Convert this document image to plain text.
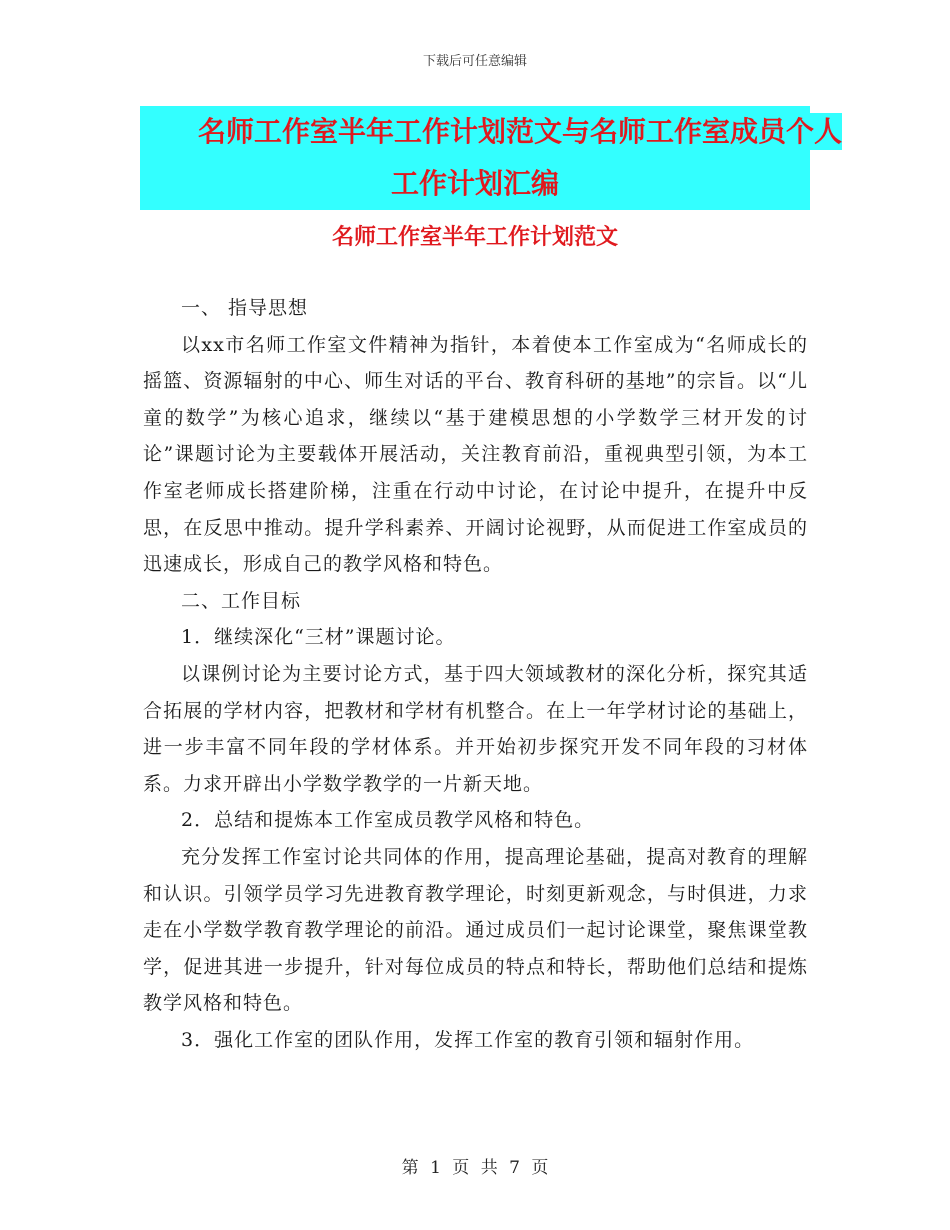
下载后可任意编辑
名师工作室半年工作计划范文与名师工作室成员个人
工作计划汇编
名师工作室半年工作计划范文

一、 指导思想

以xx市名师工作室文件精神为指针，本着使本工作室成为“名师成长的摇篮、资源辐射的中心、师生对话的平台、教育科研的基地”的宗旨。以“儿童的数学”为核心追求，继续以“基于建模思想的小学数学三材开发的讨论”课题讨论为主要载体开展活动，关注教育前沿，重视典型引领，为本工作室老师成长搭建阶梯，注重在行动中讨论，在讨论中提升，在提升中反思，在反思中推动。提升学科素养、开阔讨论视野，从而促进工作室成员的迅速成长，形成自己的教学风格和特色。

二、工作目标

1．继续深化“三材”课题讨论。

以课例讨论为主要讨论方式，基于四大领域教材的深化分析，探究其适合拓展的学材内容，把教材和学材有机整合。在上一年学材讨论的基础上，进一步丰富不同年段的学材体系。并开始初步探究开发不同年段的习材体系。力求开辟出小学数学教学的一片新天地。

2．总结和提炼本工作室成员教学风格和特色。

充分发挥工作室讨论共同体的作用，提高理论基础，提高对教育的理解和认识。引领学员学习先进教育教学理论，时刻更新观念，与时俱进，力求走在小学数学教育教学理论的前沿。通过成员们一起讨论课堂，聚焦课堂教学，促进其进一步提升，针对每位成员的特点和特长，帮助他们总结和提炼教学风格和特色。

3．强化工作室的团队作用，发挥工作室的教育引领和辐射作用。

第 1 页 共 7 页
